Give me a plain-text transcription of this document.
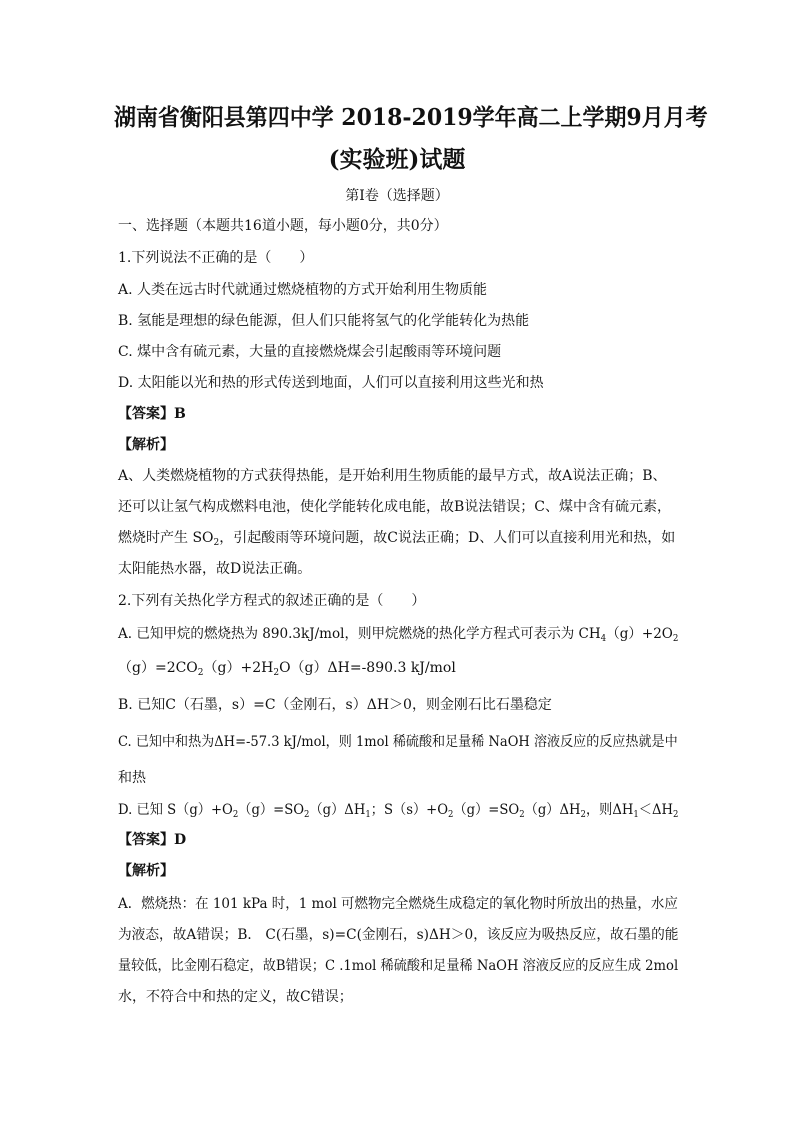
湖南省衡阳县第四中学 2018-2019学年高二上学期9月月考
(实验班)试题
第Ⅰ卷（选择题）
一、选择题（本题共16道小题，每小题0分，共0分）
1.下列说法不正确的是（　　）
A. 人类在远古时代就通过燃烧植物的方式开始利用生物质能
B. 氢能是理想的绿色能源，但人们只能将氢气的化学能转化为热能
C. 煤中含有硫元素，大量的直接燃烧煤会引起酸雨等环境问题
D. 太阳能以光和热的形式传送到地面，人们可以直接利用这些光和热
【答案】B
【解析】
A、人类燃烧植物的方式获得热能，是开始利用生物质能的最早方式，故A说法正确；B、
还可以让氢气构成燃料电池，使化学能转化成电能，故B说法错误；C、煤中含有硫元素，
燃烧时产生 $SO_2$，引起酸雨等环境问题，故C说法正确；D、人们可以直接利用光和热，如
太阳能热水器，故D说法正确。
2.下列有关热化学方程式的叙述正确的是（　　）
A. 已知甲烷的燃烧热为 890.3kJ/mol，则甲烷燃烧的热化学方程式可表示为 $CH_4(g)+2O_2$
$(g)=2CO_2(g)+2H_2O(g)\Delta H=-890.3$ kJ/mol
B. 已知C（石墨，s）=C（金刚石，s）ΔH＞0，则金刚石比石墨稳定
C. 已知中和热为ΔH=-57.3 kJ/mol，则 1mol 稀硫酸和足量稀 NaOH 溶液反应的反应热就是中
和热
D. 已知 $S(g)+O_2(g)=SO_2(g)\Delta H_1$；$S(s)+O_2(g)=SO_2(g)\Delta H_2$，则$\Delta H_1<\Delta H_2$
【答案】D
【解析】
A．燃烧热：在 101 kPa 时，1 mol 可燃物完全燃烧生成稳定的氧化物时所放出的热量，水应
为液态，故A错误；B． C(石墨，s)=C(金刚石，s)ΔH＞0，该反应为吸热反应，故石墨的能
量较低，比金刚石稳定，故B错误；C .1mol 稀硫酸和足量稀 NaOH 溶液反应的反应生成 2mol
水，不符合中和热的定义，故C错误；
